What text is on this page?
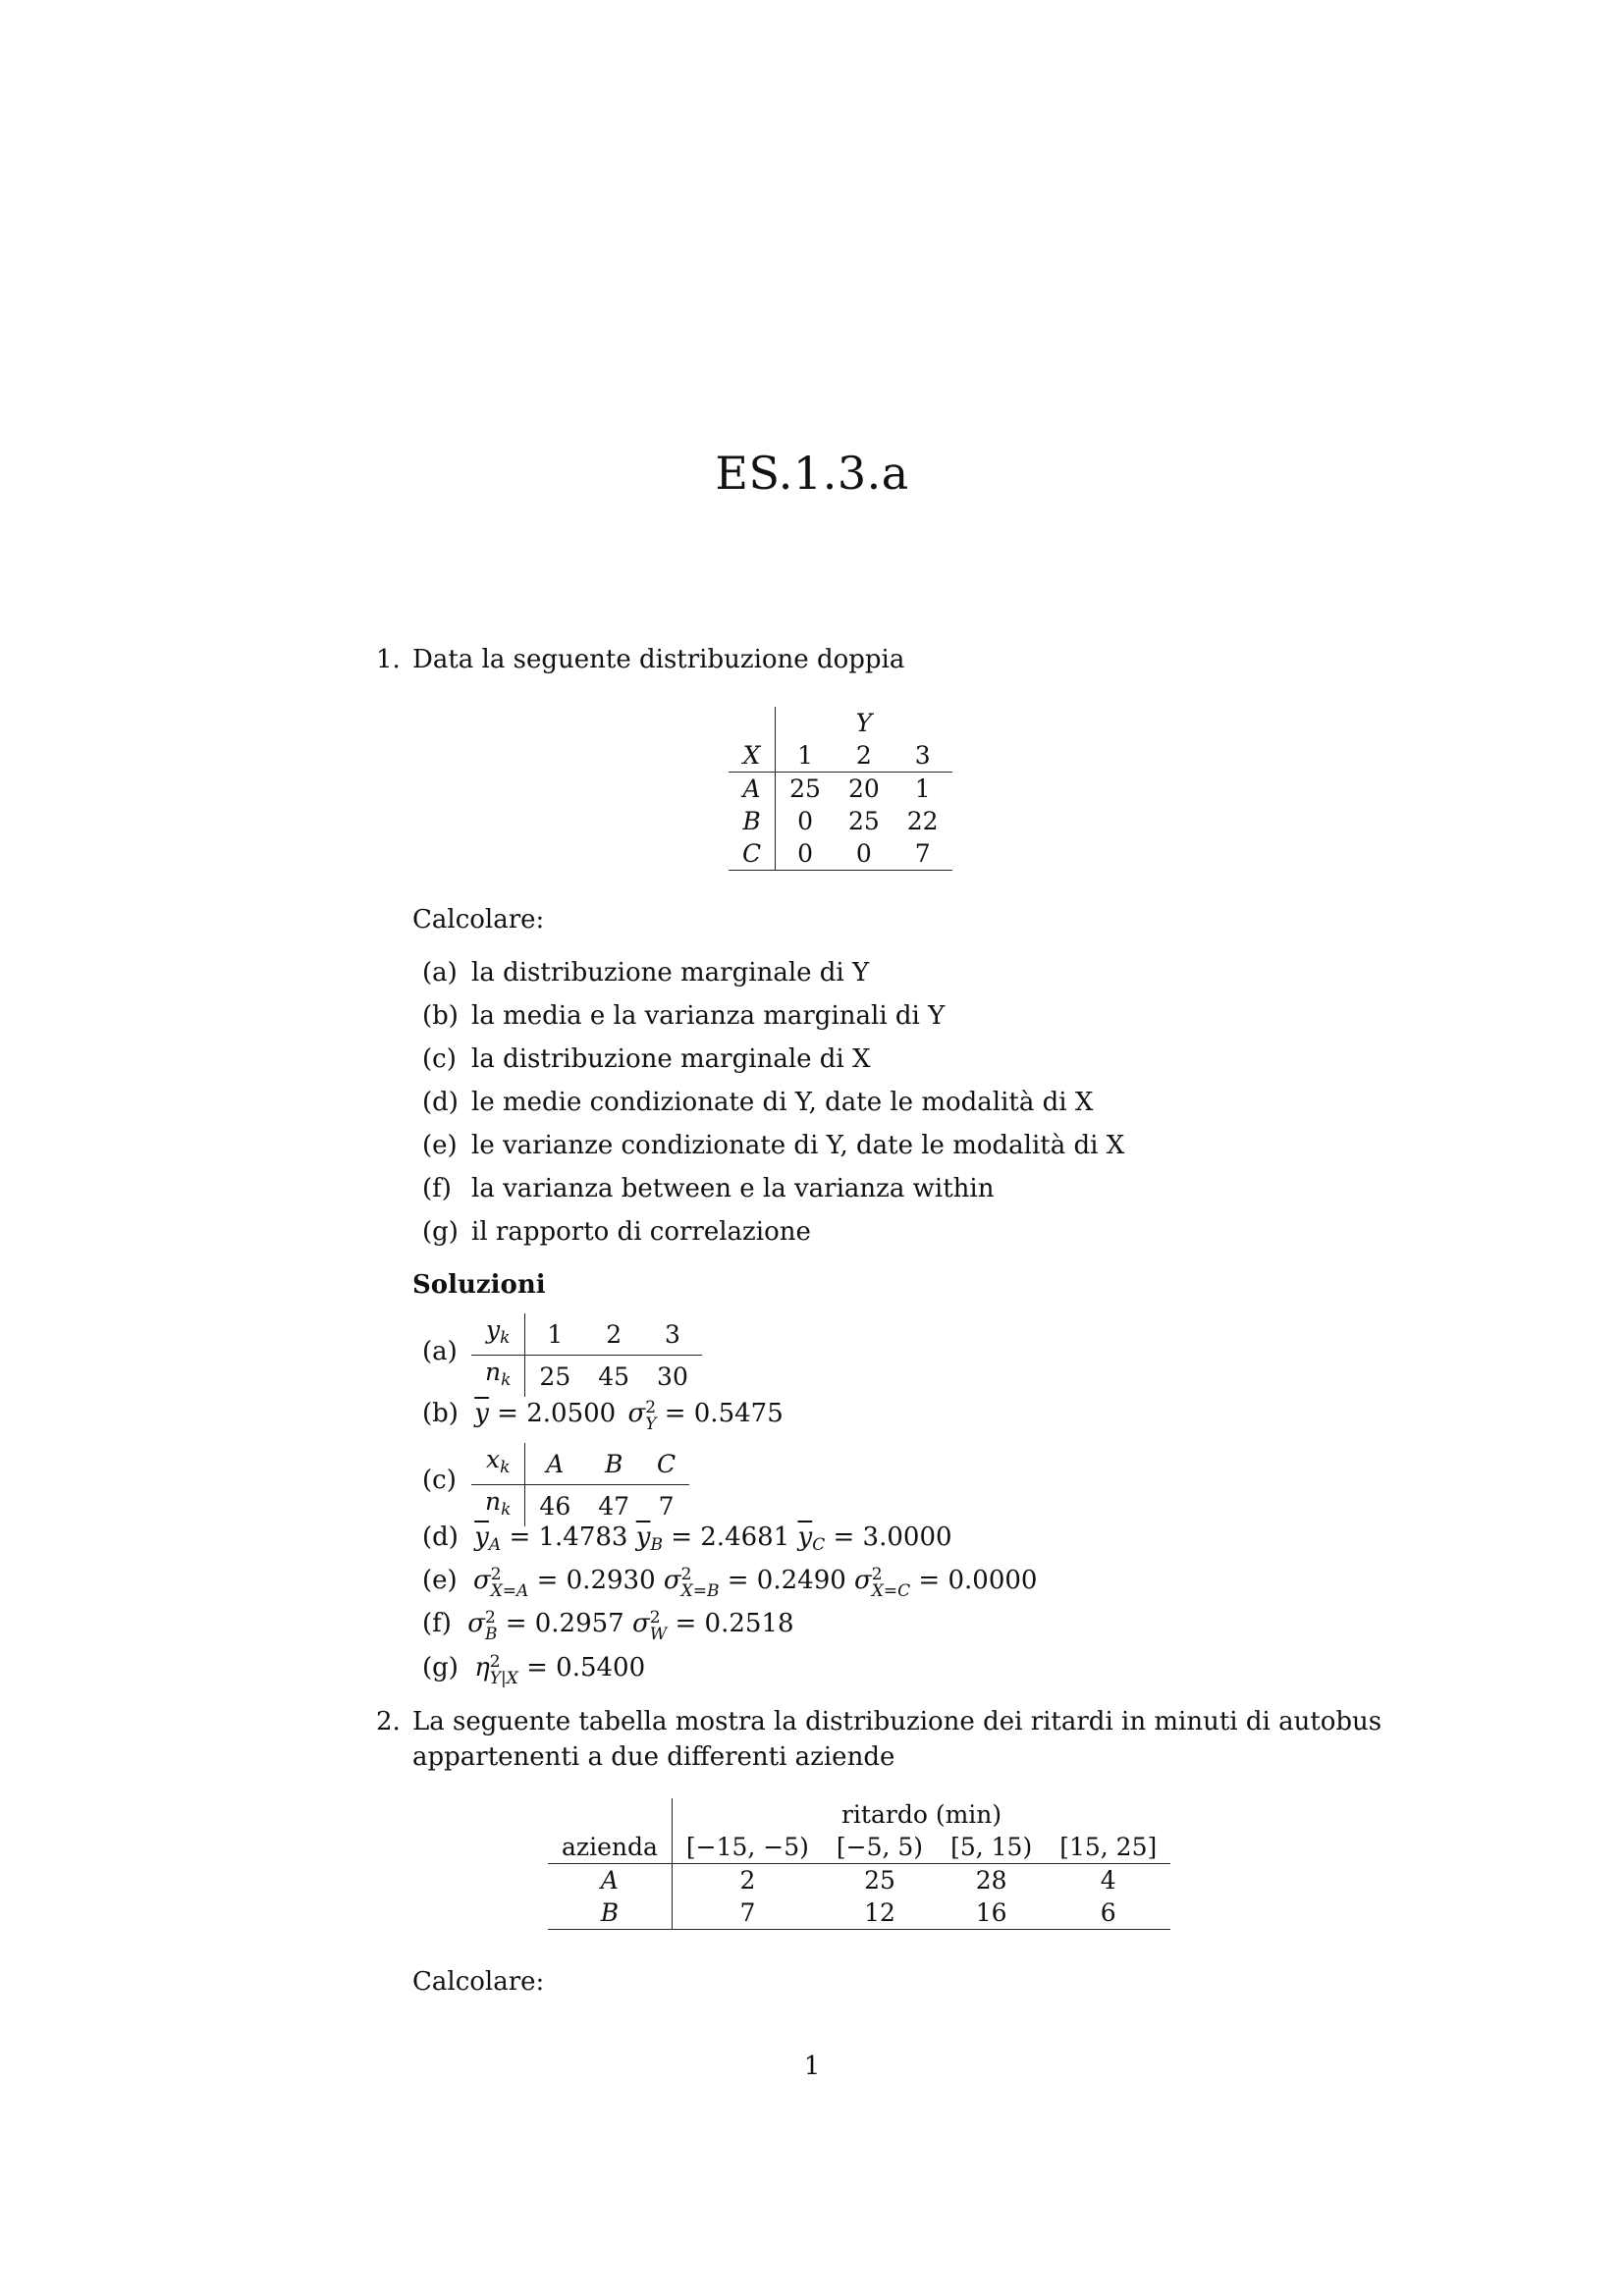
ES.1.3.a
1. Data la seguente distribuzione doppia
		Y	
X	1	2	3
A	25	20	1
B	0	25	22
C	0	0	7
Calcolare:
(a) la distribuzione marginale di Y
(b) la media e la varianza marginali di Y
(c) la distribuzione marginale di X
(d) le medie condizionate di Y, date le modalità di X
(e) le varianze condizionate di Y, date le modalità di X
(f) la varianza between e la varianza within
(g) il rapporto di correlazione
Soluzioni
(a)
$y_k$	1	2	3
$n_k$	25	45	30
(b) $\overline{y} = 2.0500$ σ 2
Y = 0.5475
(c)
$x_k$	A	B	C
$n_k$	46	47	7
(d) $\overline{y}_A = 1.4783$ $\overline{y}_B = 2.4681$ $\overline{y}_C = 3.0000$
(e) σ 2
X=A = 0.2930 σ 2
X=B = 0.2490 σ 2
X=C = 0.0000
(f) σ 2
B = 0.2957 σ 2
W = 0.2518
(g) η 2
Y|X = 0.5400
2. La seguente tabella mostra la distribuzione dei ritardi in minuti di autobus
appartenenti a due differenti aziende
	ritardo (min)			
azienda	[−15, −5)	[−5, 5)	[5, 15)	[15, 25]
A	2	25	28	4
B	7	12	16	6
Calcolare:
1
